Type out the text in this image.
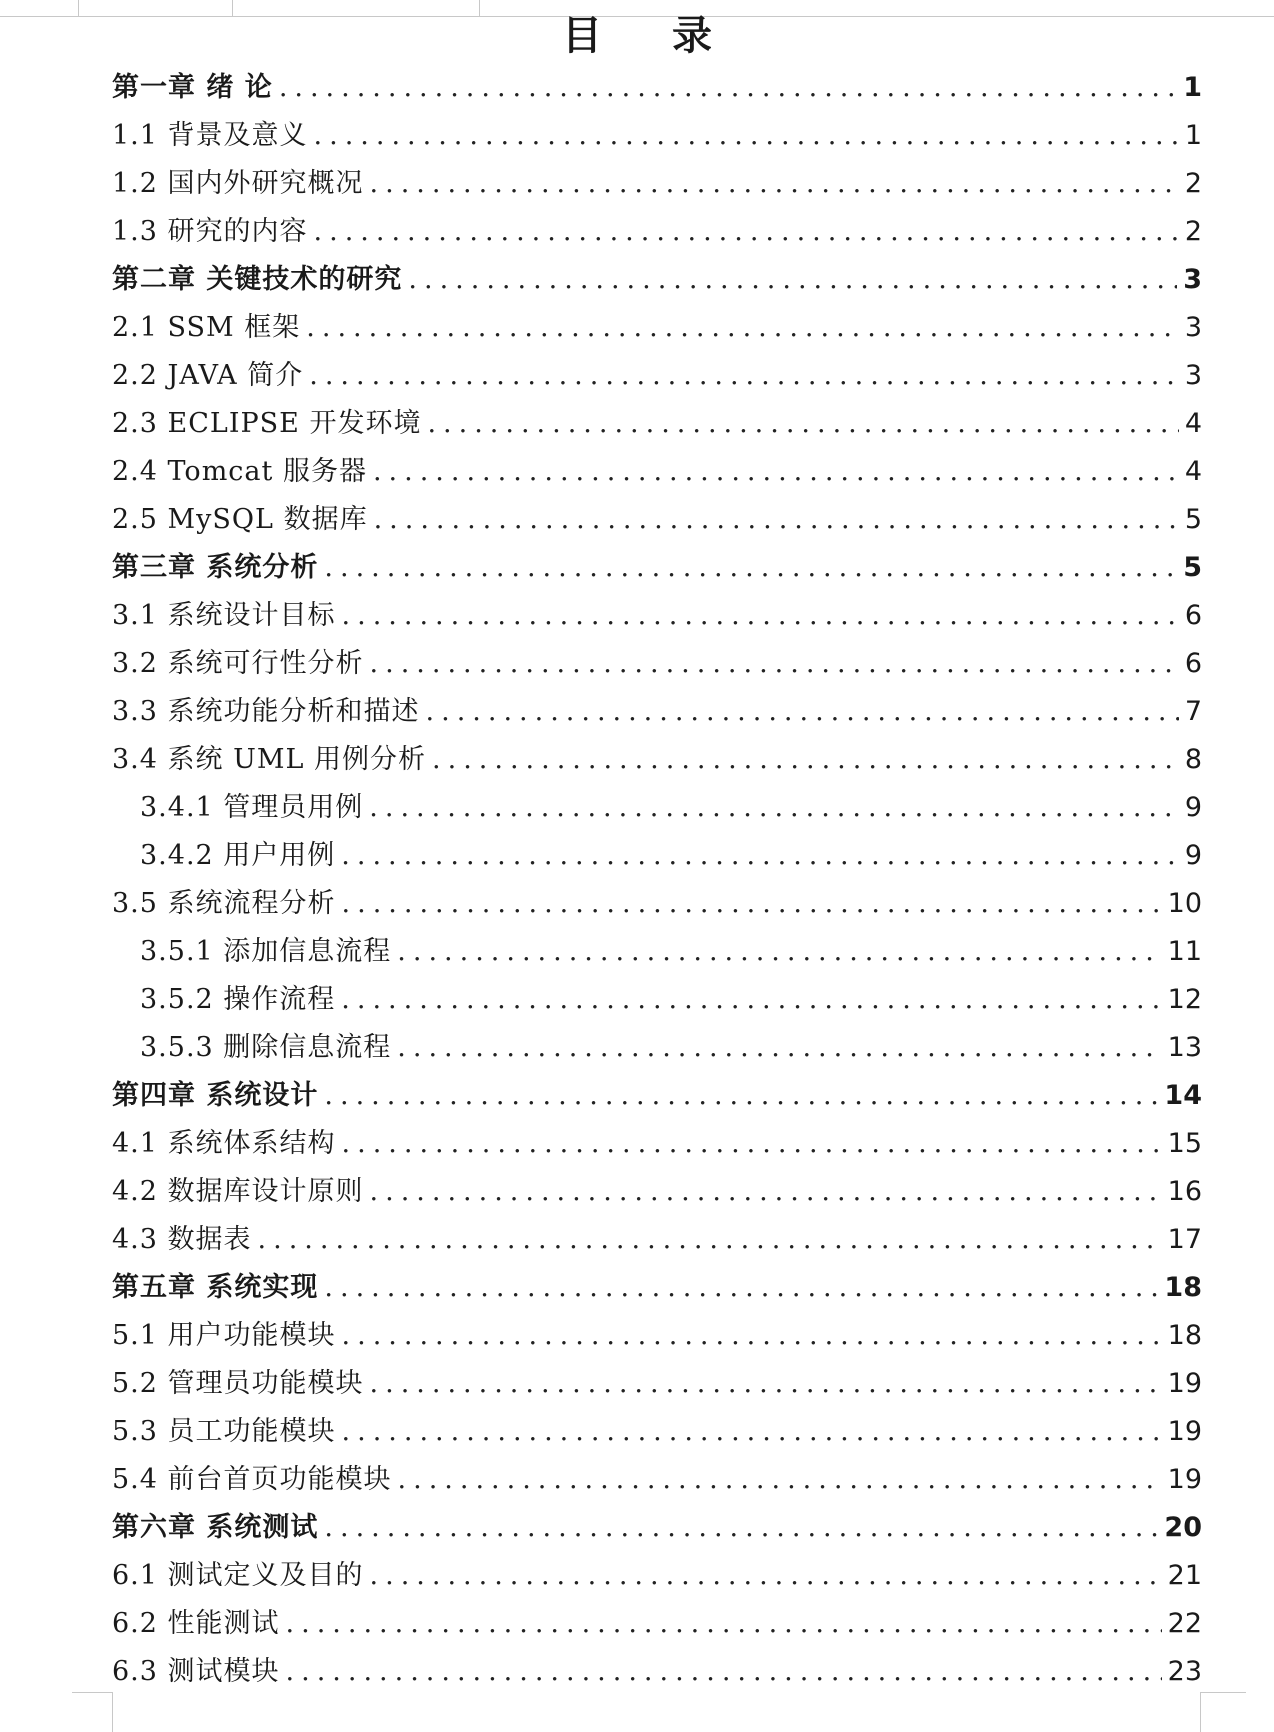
目 录
第一章 绪 论 .....	1
1.1 背景及意义 .....	1
1.2 国内外研究概况 .....	2
1.3 研究的内容 .....	2
第二章 关键技术的研究 .....	3
2.1 SSM 框架 .....	3
2.2 JAVA 简介 .....	3
2.3 ECLIPSE 开发环境 .....	4
2.4 Tomcat 服务器 .....	4
2.5 MySQL 数据库 .....	5
第三章 系统分析 .....	5
3.1 系统设计目标 .....	6
3.2 系统可行性分析 .....	6
3.3 系统功能分析和描述 .....	7
3.4 系统 UML 用例分析 .....	8
3.4.1 管理员用例 .....	9
3.4.2 用户用例 .....	9
3.5 系统流程分析 .....	10
3.5.1 添加信息流程 .....	11
3.5.2 操作流程 .....	12
3.5.3 删除信息流程 .....	13
第四章 系统设计 .....	14
4.1 系统体系结构 .....	15
4.2 数据库设计原则 .....	16
4.3 数据表 .....	17
第五章 系统实现 .....	18
5.1 用户功能模块 .....	18
5.2 管理员功能模块 .....	19
5.3 员工功能模块 .....	19
5.4 前台首页功能模块 .....	19
第六章 系统测试 .....	20
6.1 测试定义及目的 .....	21
6.2 性能测试 .....	22
6.3 测试模块 .....	23
